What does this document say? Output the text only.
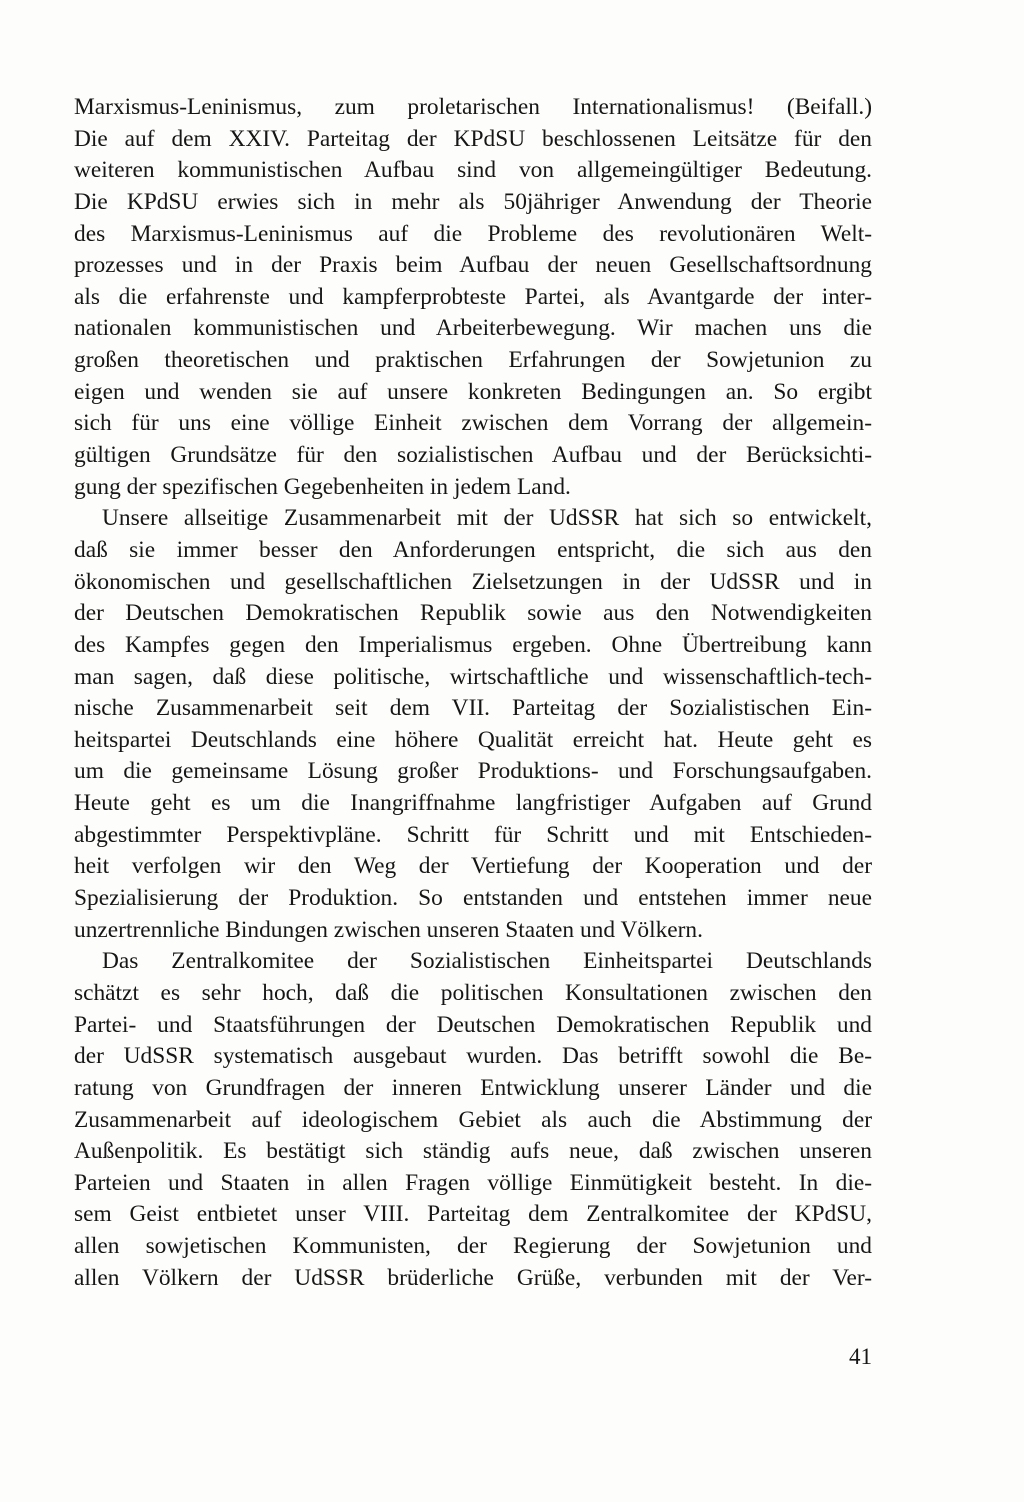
Marxismus-Leninismus, zum proletarischen Internationalismus! (Beifall.)
Die auf dem XXIV. Parteitag der KPdSU beschlossenen Leitsätze für den
weiteren kommunistischen Aufbau sind von allgemeingültiger Bedeutung.
Die KPdSU erwies sich in mehr als 50jähriger Anwendung der Theorie
des Marxismus-Leninismus auf die Probleme des revolutionären Welt-
prozesses und in der Praxis beim Aufbau der neuen Gesellschaftsordnung
als die erfahrenste und kampferprobteste Partei, als Avantgarde der inter-
nationalen kommunistischen und Arbeiterbewegung. Wir machen uns die
großen theoretischen und praktischen Erfahrungen der Sowjetunion zu
eigen und wenden sie auf unsere konkreten Bedingungen an. So ergibt
sich für uns eine völlige Einheit zwischen dem Vorrang der allgemein-
gültigen Grundsätze für den sozialistischen Aufbau und der Berücksichti-
gung der spezifischen Gegebenheiten in jedem Land.
Unsere allseitige Zusammenarbeit mit der UdSSR hat sich so entwickelt,
daß sie immer besser den Anforderungen entspricht, die sich aus den
ökonomischen und gesellschaftlichen Zielsetzungen in der UdSSR und in
der Deutschen Demokratischen Republik sowie aus den Notwendigkeiten
des Kampfes gegen den Imperialismus ergeben. Ohne Übertreibung kann
man sagen, daß diese politische, wirtschaftliche und wissenschaftlich-tech-
nische Zusammenarbeit seit dem VII. Parteitag der Sozialistischen Ein-
heitspartei Deutschlands eine höhere Qualität erreicht hat. Heute geht es
um die gemeinsame Lösung großer Produktions- und Forschungsaufgaben.
Heute geht es um die Inangriffnahme langfristiger Aufgaben auf Grund
abgestimmter Perspektivpläne. Schritt für Schritt und mit Entschieden-
heit verfolgen wir den Weg der Vertiefung der Kooperation und der
Spezialisierung der Produktion. So entstanden und entstehen immer neue
unzertrennliche Bindungen zwischen unseren Staaten und Völkern.
Das Zentralkomitee der Sozialistischen Einheitspartei Deutschlands
schätzt es sehr hoch, daß die politischen Konsultationen zwischen den
Partei- und Staatsführungen der Deutschen Demokratischen Republik und
der UdSSR systematisch ausgebaut wurden. Das betrifft sowohl die Be-
ratung von Grundfragen der inneren Entwicklung unserer Länder und die
Zusammenarbeit auf ideologischem Gebiet als auch die Abstimmung der
Außenpolitik. Es bestätigt sich ständig aufs neue, daß zwischen unseren
Parteien und Staaten in allen Fragen völlige Einmütigkeit besteht. In die-
sem Geist entbietet unser VIII. Parteitag dem Zentralkomitee der KPdSU,
allen sowjetischen Kommunisten, der Regierung der Sowjetunion und
allen Völkern der UdSSR brüderliche Grüße, verbunden mit der Ver-
41
